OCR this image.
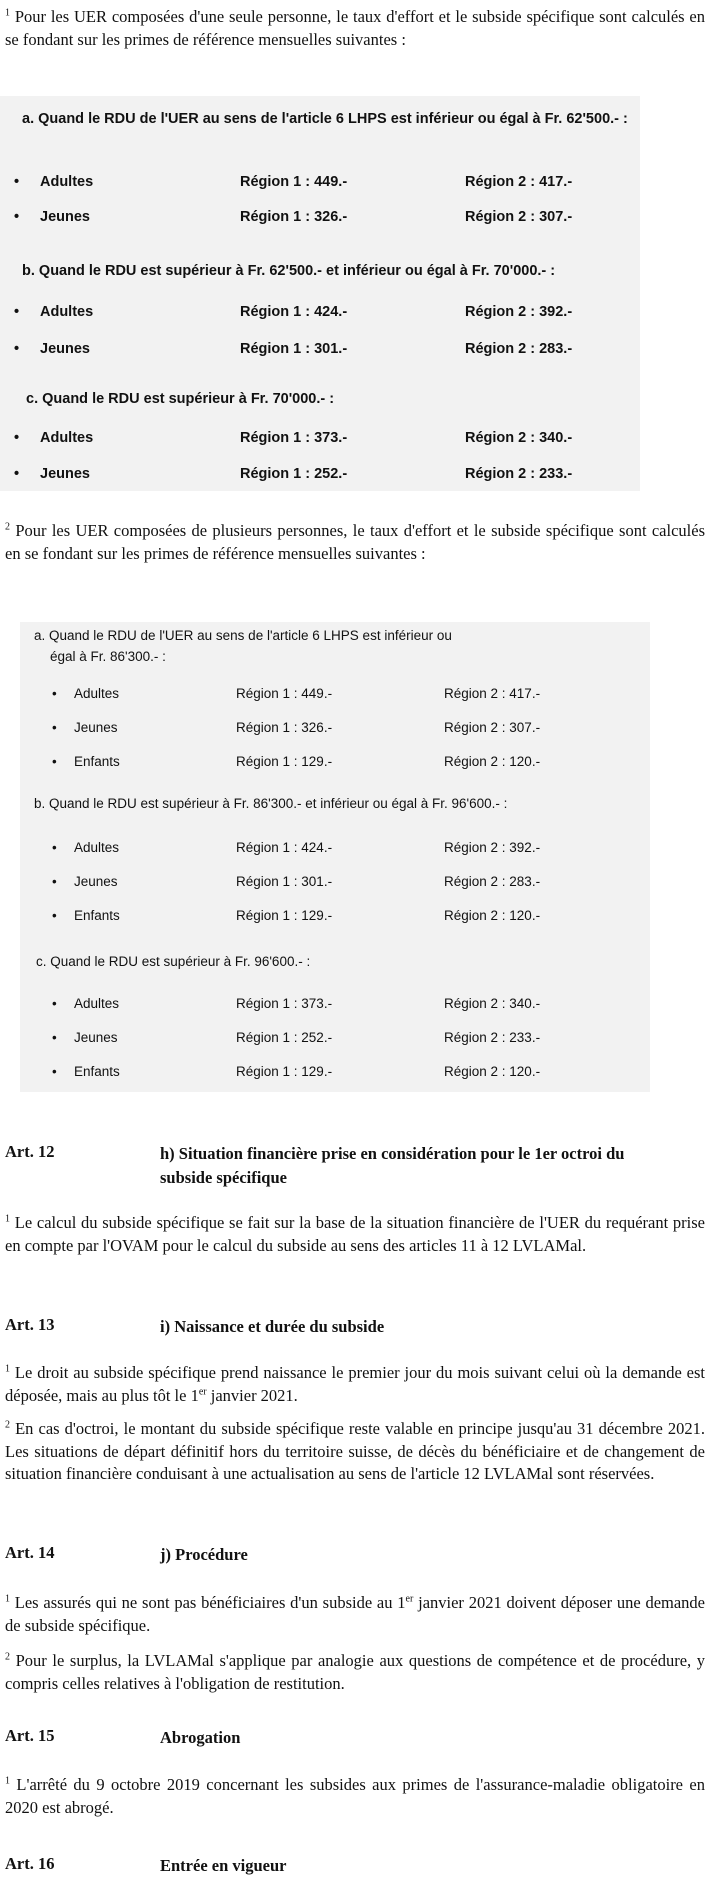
$^1$ Pour les UER composées d'une seule personne, le taux d'effort et le subside spécifique sont calculés en se fondant sur les primes de référence mensuelles suivantes :
a. Quand le RDU de l'UER au sens de l'article 6 LHPS est inférieur ou égal à Fr. 62'500.- :
• Adultes	Région 1 : 449.-	Région 2 : 417.-
• Jeunes	Région 1 : 326.-	Région 2 : 307.-
b. Quand le RDU est supérieur à Fr. 62'500.- et inférieur ou égal à Fr. 70'000.- :
• Adultes	Région 1 : 424.-	Région 2 : 392.-
• Jeunes	Région 1 : 301.-	Région 2 : 283.-
c. Quand le RDU est supérieur à Fr. 70'000.- :
• Adultes	Région 1 : 373.-	Région 2 : 340.-
• Jeunes	Région 1 : 252.-	Région 2 : 233.-
$^2$ Pour les UER composées de plusieurs personnes, le taux d'effort et le subside spécifique sont calculés en se fondant sur les primes de référence mensuelles suivantes :
a. Quand le RDU de l'UER au sens de l'article 6 LHPS est inférieur ou
égal à Fr. 86'300.- :
• Adultes	Région 1 : 449.-	Région 2 : 417.-
• Jeunes	Région 1 : 326.-	Région 2 : 307.-
• Enfants	Région 1 : 129.-	Région 2 : 120.-
b. Quand le RDU est supérieur à Fr. 86'300.- et inférieur ou égal à Fr. 96'600.- :
• Adultes	Région 1 : 424.-	Région 2 : 392.-
• Jeunes	Région 1 : 301.-	Région 2 : 283.-
• Enfants	Région 1 : 129.-	Région 2 : 120.-
c. Quand le RDU est supérieur à Fr. 96'600.- :
• Adultes	Région 1 : 373.-	Région 2 : 340.-
• Jeunes	Région 1 : 252.-	Région 2 : 233.-
• Enfants	Région 1 : 129.-	Région 2 : 120.-
Art. 12	h) Situation financière prise en considération pour le 1er octroi du subside spécifique
$^1$ Le calcul du subside spécifique se fait sur la base de la situation financière de l'UER du requérant prise en compte par l'OVAM pour le calcul du subside au sens des articles 11 à 12 LVLAMal.
Art. 13	i) Naissance et durée du subside
$^1$ Le droit au subside spécifique prend naissance le premier jour du mois suivant celui où la demande est déposée, mais au plus tôt le 1er janvier 2021.
$^2$ En cas d'octroi, le montant du subside spécifique reste valable en principe jusqu'au 31 décembre 2021. Les situations de départ définitif hors du territoire suisse, de décès du bénéficiaire et de changement de situation financière conduisant à une actualisation au sens de l'article 12 LVLAMal sont réservées.
Art. 14	j) Procédure
$^1$ Les assurés qui ne sont pas bénéficiaires d'un subside au 1er janvier 2021 doivent déposer une demande de subside spécifique.
$^2$ Pour le surplus, la LVLAMal s'applique par analogie aux questions de compétence et de procédure, y compris celles relatives à l'obligation de restitution.
Art. 15	Abrogation
$^1$ L'arrêté du 9 octobre 2019 concernant les subsides aux primes de l'assurance-maladie obligatoire en 2020 est abrogé.
Art. 16	Entrée en vigueur
